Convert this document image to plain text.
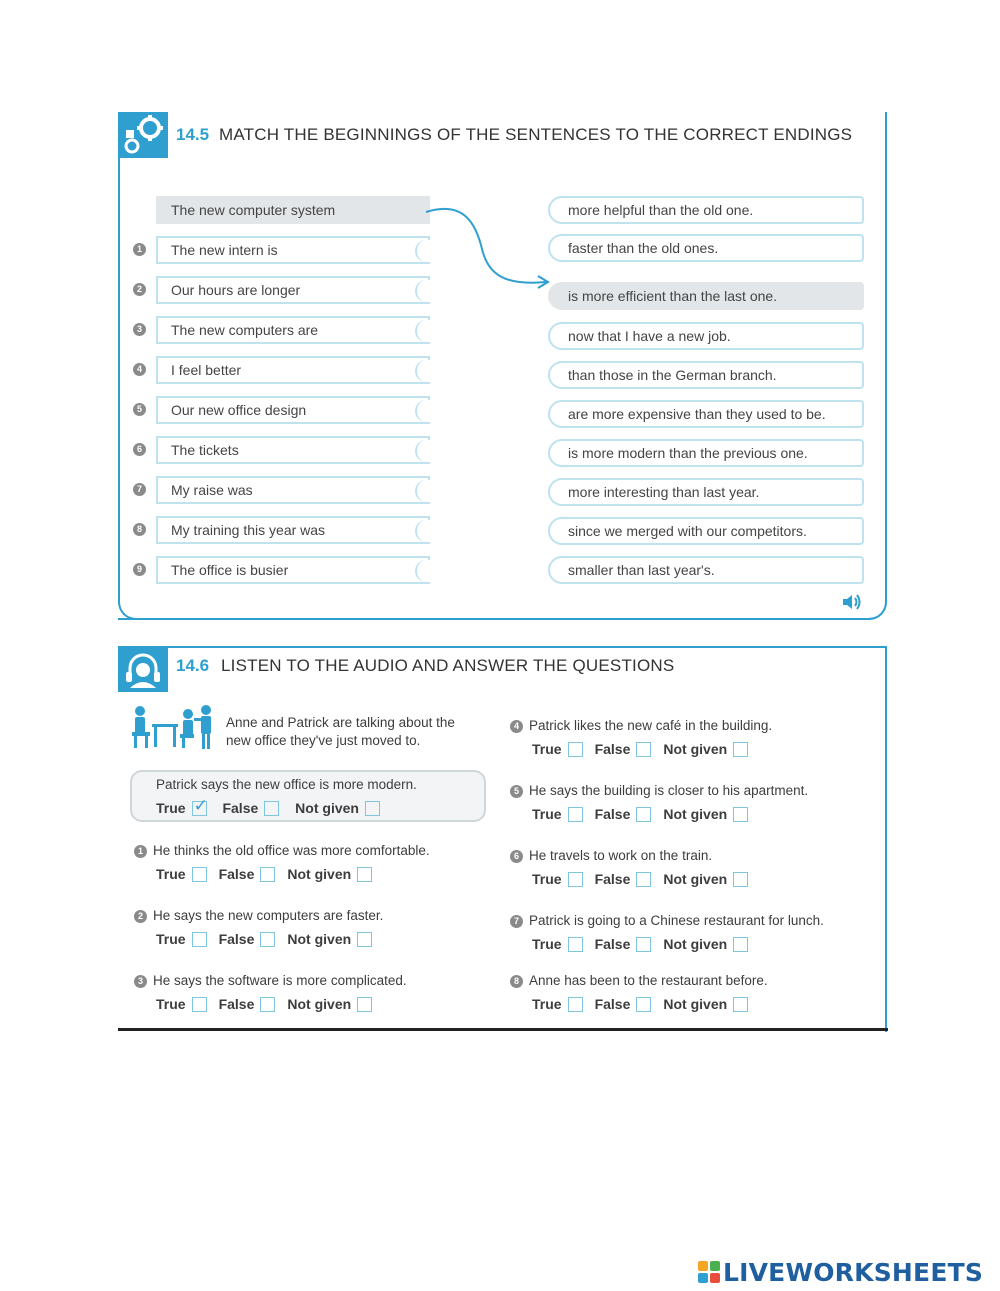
14.5 MATCH THE BEGINNINGS OF THE SENTENCES TO THE CORRECT ENDINGS
The new computer system
1	The new intern is
2	Our hours are longer
3	The new computers are
4	I feel better
5	Our new office design
6	The tickets
7	My raise was
8	My training this year was
9	The office is busier
more helpful than the old one.
faster than the old ones.
is more efficient than the last one.
now that I have a new job.
than those in the German branch.
are more expensive than they used to be.
is more modern than the previous one.
more interesting than last year.
since we merged with our competitors.
smaller than last year's.
14.6 LISTEN TO THE AUDIO AND ANSWER THE QUESTIONS
Anne and Patrick are talking about the new office they've just moved to.
Patrick says the new office is more modern.
True ✓ False	Not given
1 He thinks the old office was more comfortable.
True False Not given
2 He says the new computers are faster.
True False Not given
3 He says the software is more complicated.
True False Not given
4 Patrick likes the new café in the building.
True False Not given
5 He says the building is closer to his apartment.
True False Not given
6 He travels to work on the train.
True False Not given
7 Patrick is going to a Chinese restaurant for lunch.
True False Not given
8 Anne has been to the restaurant before.
True False Not given
LIVEWORKSHEETS
